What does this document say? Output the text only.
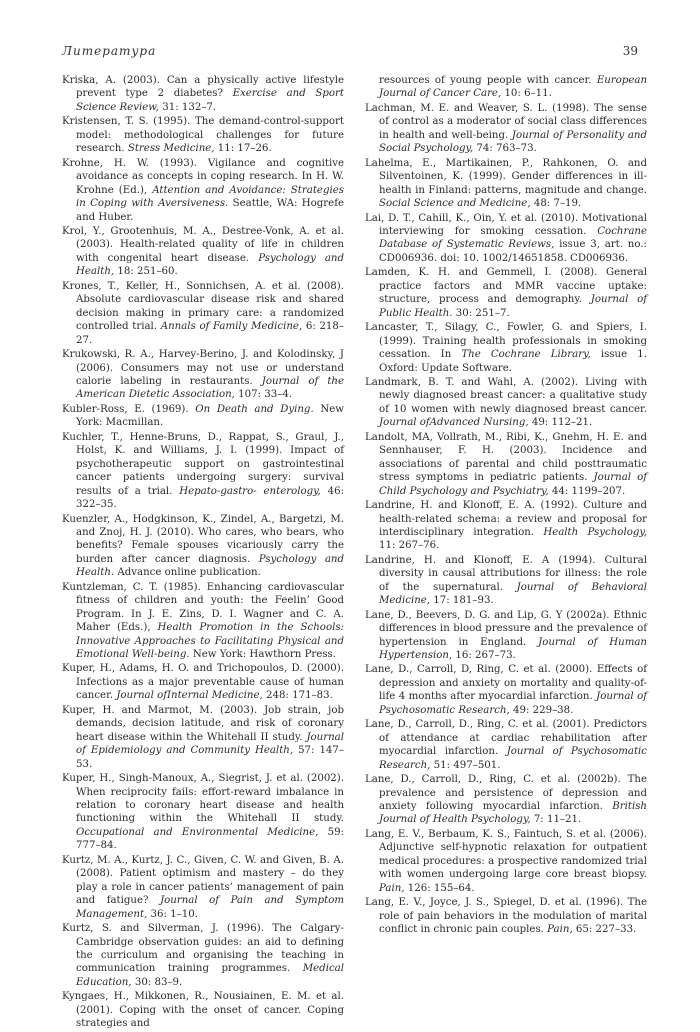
Литература	39

Kriska, A. (2003). Can a physically active lifestyle prevent type 2 diabetes? Exercise and Sport Science Review, 31: 132–7.

Kristensen, T. S. (1995). The demand-control-support model: methodological challenges for future research. Stress Medicine, 11: 17–26.

Krohne, H. W. (1993). Vigilance and cognitive avoidance as concepts in coping research. In H. W. Krohne (Ed.), Attention and Avoidance: Strategies in Coping with Aversiveness. Seattle, WA: Hogrefe and Huber.

Krol, Y., Grootenhuis, M. A., Destree-Vonk, A. et al. (2003). Health-related quality of life in children with congenital heart disease. Psychology and Health, 18: 251–60.

Krones, T., Keller, H., Sonnichsen, A. et al. (2008). Absolute cardiovascular disease risk and shared decision making in primary care: a randomized controlled trial. Annals of Family Medicine, 6: 218–27.

Krukowski, R. A., Harvey-Berino, J. and Kolodinsky, J (2006). Consumers may not use or understand calorie labeling in restaurants. Journal of the American Dietetic Association, 107: 33–4.

Kubler-Ross, E. (1969). On Death and Dying. New York: Macmillan.

Kuchler, T., Henne-Bruns, D., Rappat, S., Graul, J., Holst, K. and Williams, J. I. (1999). Impact of psychotherapeutic support on gastrointestinal cancer patients undergoing surgery: survival results of a trial. Hepato-gastro- enterology, 46: 322–35.

Kuenzler, A., Hodgkinson, K., Zindel, A., Bargetzi, M. and Znoj, H. J. (2010). Who cares, who bears, who benefits? Female spouses vicariously carry the burden after cancer diagnosis. Psychology and Health. Advance online publication.

Kuntzleman, C. T. (1985). Enhancing cardiovascular fitness of children and youth: the Feelin’ Good Program. In J. E. Zins, D. I. Wagner and C. A. Maher (Eds.), Health Promotion in the Schools: Innovative Approaches to Facilitating Physical and Emotional Well-being. New York: Hawthorn Press.

Kuper, H., Adams, H. O. and Trichopoulos, D. (2000). Infections as a major preventable cause of human cancer. Journal ofInternal Medicine, 248: 171–83.

Kuper, H. and Marmot, M. (2003). Job strain, job demands, decision latitude, and risk of coronary heart disease within the Whitehall II study. Journal of Epidemiology and Community Health, 57: 147–53.

Kuper, H., Singh-Manoux, A., Siegrist, J. et al. (2002). When reciprocity fails: effort-reward imbalance in relation to coronary heart disease and health functioning within the Whitehall II study. Occupational and Environmental Medicine, 59: 777–84.

Kurtz, M. A., Kurtz, J. C., Given, C. W. and Given, B. A. (2008). Patient optimism and mastery – do they play a role in cancer patients’ management of pain and fatigue? Journal of Pain and Symptom Management, 36: 1–10.

Kurtz, S. and Silverman, J. (1996). The Calgary-Cambridge observation guides: an aid to defining the curriculum and organising the teaching in communication training programmes. Medical Education, 30: 83–9.

Kyngaes, H., Mikkonen, R., Nousiainen, E. M. et al. (2001). Coping with the onset of cancer. Coping strategies and

resources of young people with cancer. European Journal of Cancer Care, 10: 6–11.

Lachman, M. E. and Weaver, S. L. (1998). The sense of control as a moderator of social class differences in health and well-being. Journal of Personality and Social Psychology, 74: 763–73.

Lahelma, E., Martikainen, P., Rahkonen, O. and Silventoinen, K. (1999). Gender differences in ill-health in Finland: patterns, magnitude and change. Social Science and Medicine, 48: 7–19.

Lai, D. T., Cahill, K., Oin, Y. et al. (2010). Motivational interviewing for smoking cessation. Cochrane Database of Systematic Reviews, issue 3, art. no.: CD006936. doi: 10. 1002/14651858. CD006936.

Lamden, K. H. and Gemmell, I. (2008). General practice factors and MMR vaccine uptake: structure, process and demography. Journal of Public Health. 30: 251–7.

Lancaster, T., Silagy, C., Fowler, G. and Spiers, I. (1999). Training health professionals in smoking cessation. In The Cochrane Library, issue 1. Oxford: Update Software.

Landmark, B. T. and Wahl, A. (2002). Living with newly diagnosed breast cancer: a qualitative study of 10 women with newly diagnosed breast cancer. Journal ofAdvanced Nursing, 49: 112–21.

Landolt, MA, Vollrath, M., Ribi, K., Gnehm, H. E. and Sennhauser, F. H. (2003). Incidence and associations of parental and child posttraumatic stress symptoms in pediatric patients. Journal of Child Psychology and Psychiatry, 44: 1199–207.

Landrine, H. and Klonoff, E. A. (1992). Culture and health-related schema: a review and proposal for interdisciplinary integration. Health Psychology, 11: 267–76.

Landrine, H. and Klonoff, E. A (1994). Cultural diversity in causal attributions for illness: the role of the supernatural. Journal of Behavioral Medicine, 17: 181–93.

Lane, D., Beevers, D. G. and Lip, G. Y (2002a). Ethnic differences in blood pressure and the prevalence of hypertension in England. Journal of Human Hypertension, 16: 267–73.

Lane, D., Carroll, D, Ring, C. et al. (2000). Effects of depression and anxiety on mortality and quality-of-life 4 months after myocardial infarction. Journal of Psychosomatic Research, 49: 229–38.

Lane, D., Carroll, D., Ring, C. et al. (2001). Predictors of attendance at cardiac rehabilitation after myocardial infarction. Journal of Psychosomatic Research, 51: 497–501.

Lane, D., Carroll, D., Ring, C. et al. (2002b). The prevalence and persistence of depression and anxiety following myocardial infarction. British Journal of Health Psychology, 7: 11–21.

Lang, E. V., Berbaum, K. S., Faintuch, S. et al. (2006). Adjunctive self-hypnotic relaxation for outpatient medical procedures: a prospective randomized trial with women undergoing large core breast biopsy. Pain, 126: 155–64.

Lang, E. V., Joyce, J. S., Spiegel, D. et al. (1996). The role of pain behaviors in the modulation of marital conflict in chronic pain couples. Pain, 65: 227–33.
